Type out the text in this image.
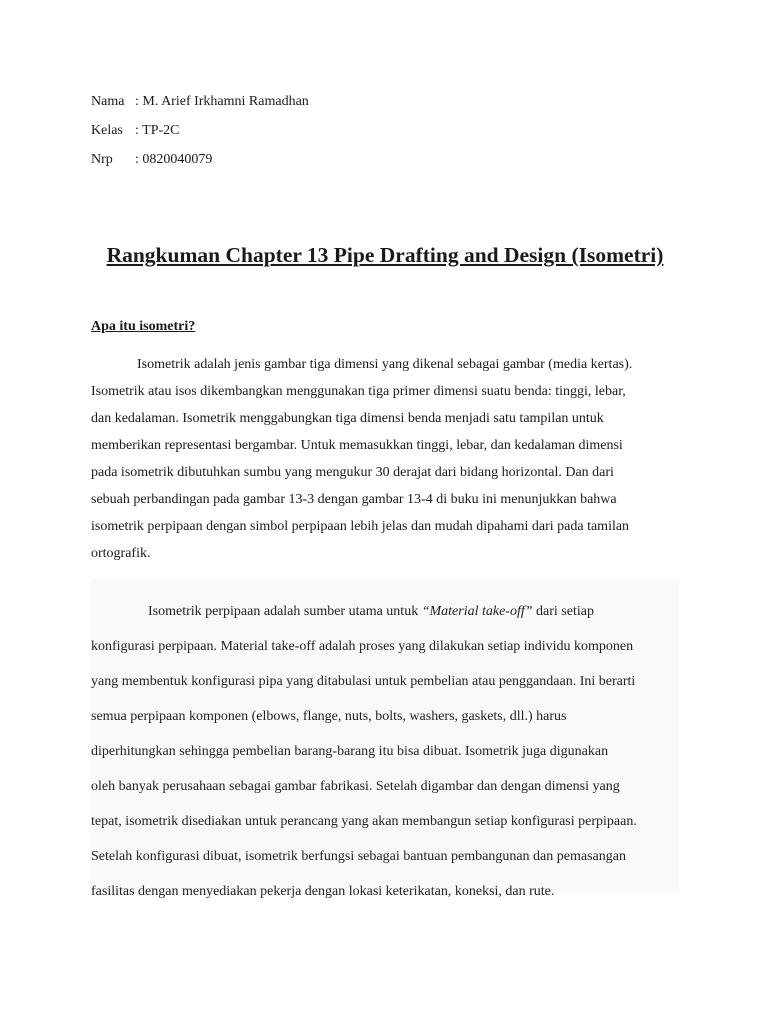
Nama : M. Arief Irkhamni Ramadhan
Kelas : TP-2C
Nrp : 0820040079
Rangkuman Chapter 13 Pipe Drafting and Design (Isometri)
Apa itu isometri?

Isometrik adalah jenis gambar tiga dimensi yang dikenal sebagai gambar (media kertas).
Isometrik atau isos dikembangkan menggunakan tiga primer dimensi suatu benda: tinggi, lebar,
dan kedalaman. Isometrik menggabungkan tiga dimensi benda menjadi satu tampilan untuk
memberikan representasi bergambar. Untuk memasukkan tinggi, lebar, dan kedalaman dimensi
pada isometrik dibutuhkan sumbu yang mengukur 30 derajat dari bidang horizontal. Dan dari
sebuah perbandingan pada gambar 13-3 dengan gambar 13-4 di buku ini menunjukkan bahwa
isometrik perpipaan dengan simbol perpipaan lebih jelas dan mudah dipahami dari pada tamilan
ortografik.

Isometrik perpipaan adalah sumber utama untuk “Material take-off” dari setiap
konfigurasi perpipaan. Material take-off adalah proses yang dilakukan setiap individu komponen
yang membentuk konfigurasi pipa yang ditabulasi untuk pembelian atau penggandaan. Ini berarti
semua perpipaan komponen (elbows, flange, nuts, bolts, washers, gaskets, dll.) harus
diperhitungkan sehingga pembelian barang-barang itu bisa dibuat. Isometrik juga digunakan
oleh banyak perusahaan sebagai gambar fabrikasi. Setelah digambar dan dengan dimensi yang
tepat, isometrik disediakan untuk perancang yang akan membangun setiap konfigurasi perpipaan.
Setelah konfigurasi dibuat, isometrik berfungsi sebagai bantuan pembangunan dan pemasangan
fasilitas dengan menyediakan pekerja dengan lokasi keterikatan, koneksi, dan rute.
